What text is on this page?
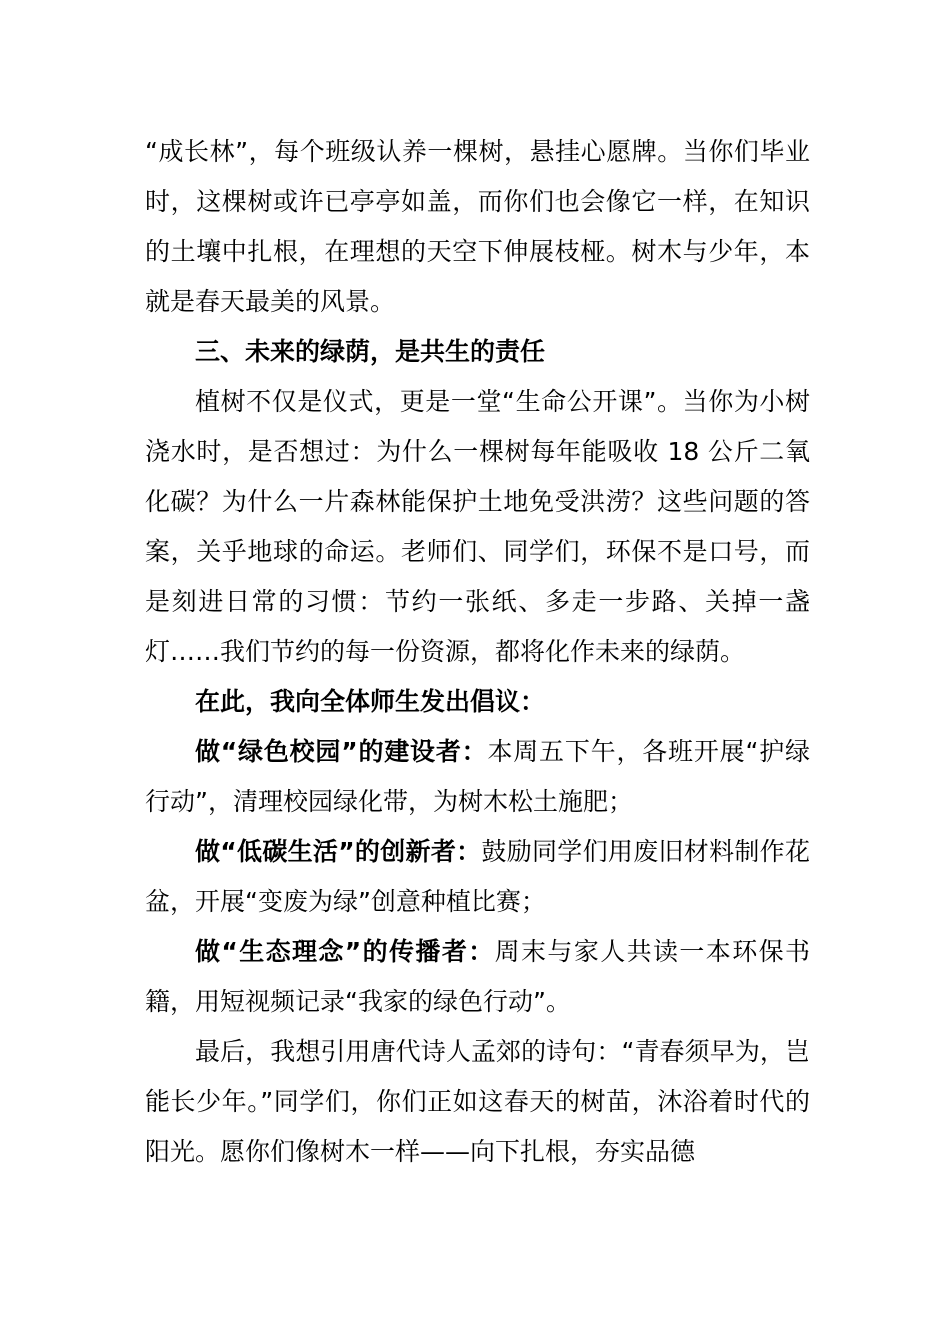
“成长林”，每个班级认养一棵树，悬挂心愿牌。当你们毕业时，这棵树或许已亭亭如盖，而你们也会像它一样，在知识的土壤中扎根，在理想的天空下伸展枝桠。树木与少年，本就是春天最美的风景。

三、未来的绿荫，是共生的责任

植树不仅是仪式，更是一堂“生命公开课”。当你为小树浇水时，是否想过：为什么一棵树每年能吸收 18 公斤二氧化碳？为什么一片森林能保护土地免受洪涝？这些问题的答案，关乎地球的命运。老师们、同学们，环保不是口号，而是刻进日常的习惯：节约一张纸、多走一步路、关掉一盏灯……我们节约的每一份资源，都将化作未来的绿荫。

在此，我向全体师生发出倡议：

做“绿色校园”的建设者：本周五下午，各班开展“护绿行动”，清理校园绿化带，为树木松土施肥；

做“低碳生活”的创新者：鼓励同学们用废旧材料制作花盆，开展“变废为绿”创意种植比赛；

做“生态理念”的传播者：周末与家人共读一本环保书籍，用短视频记录“我家的绿色行动”。

最后，我想引用唐代诗人孟郊的诗句：“青春须早为，岂能长少年。”同学们，你们正如这春天的树苗，沐浴着时代的阳光。愿你们像树木一样——向下扎根，夯实品德
